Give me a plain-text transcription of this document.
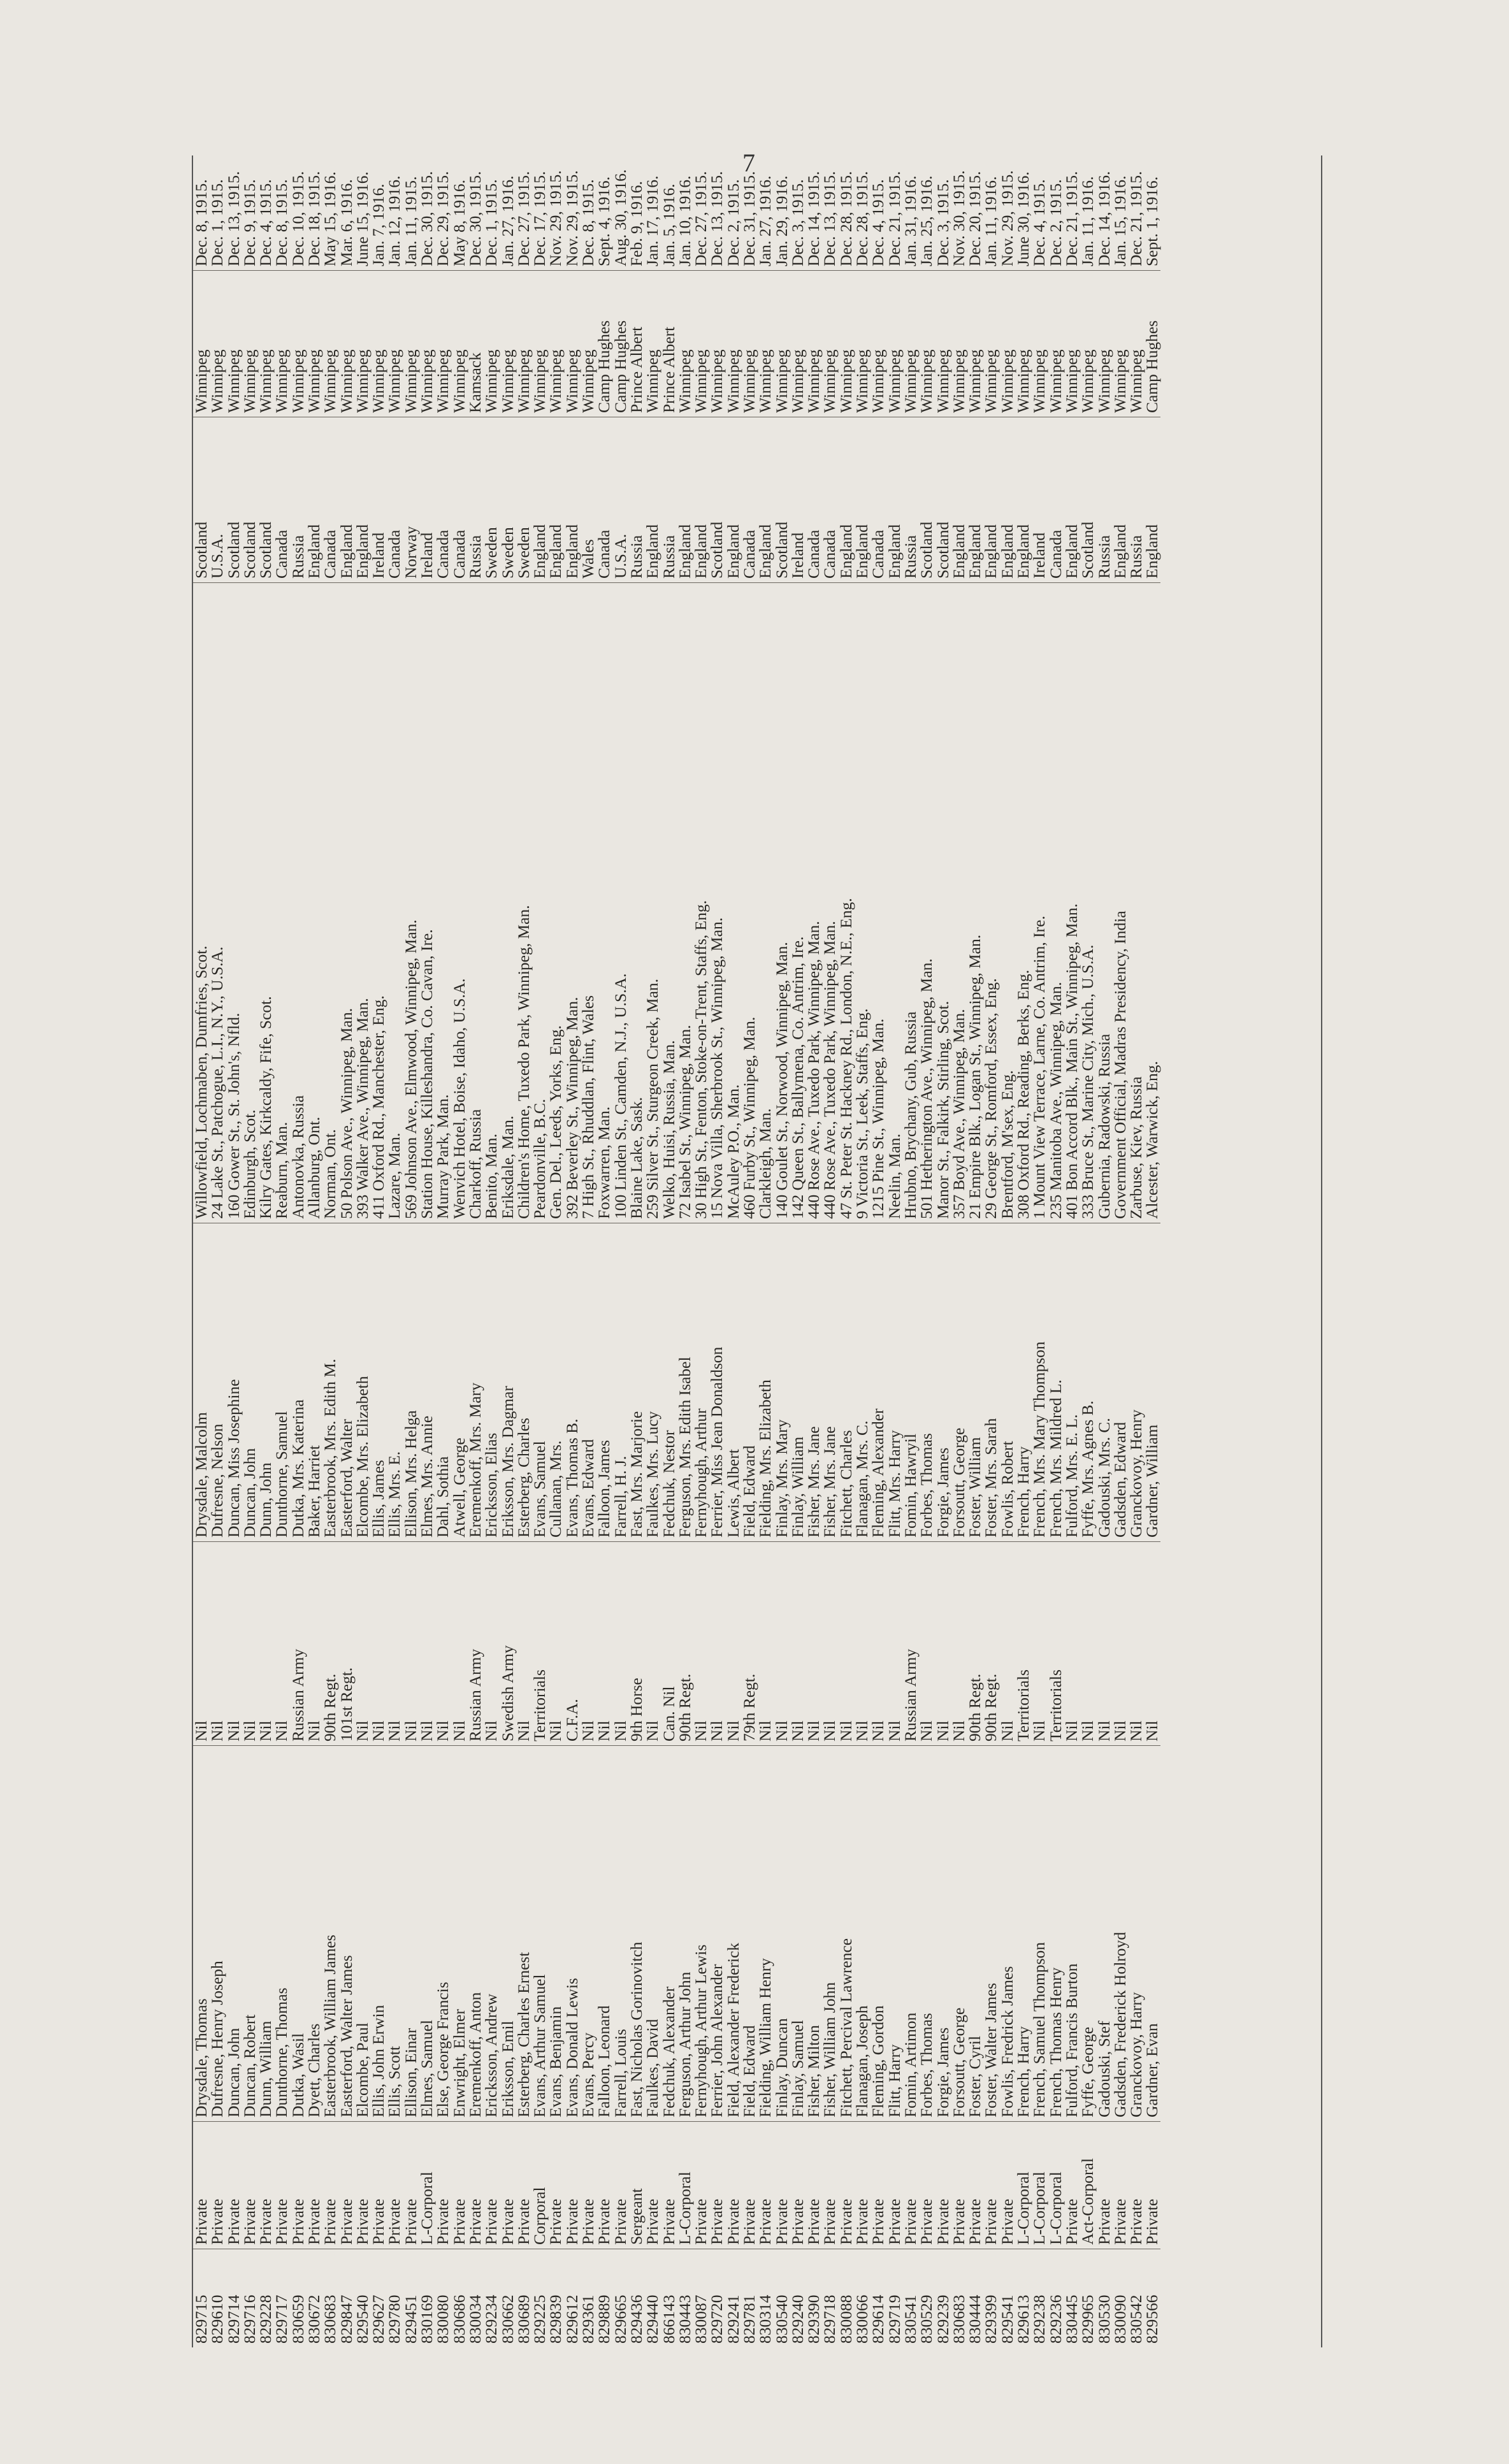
7
829715
Private
Drysdale, Thomas
Nil
Drysdale, Malcolm
Willowfield, Lochmaben, Dumfries, Scot.
Scotland
Winnipeg
Dec. 8, 1915.
829610
Private
Dufresne, Henry Joseph
Nil
Dufresne, Nelson
24 Lake St., Patchogue, L.I., N.Y., U.S.A.
U.S.A.
Winnipeg
Dec. 1, 1915.
829714
Private
Duncan, John
Nil
Duncan, Miss Josephine
160 Gower St., St. John's, Nfld.
Scotland
Winnipeg
Dec. 13, 1915.
829716
Private
Duncan, Robert
Nil
Duncan, John
Edinburgh, Scot.
Scotland
Winnipeg
Dec. 9, 1915.
829228
Private
Dunn, William
Nil
Dunn, John
Kilry Gates, Kirkcaldy, Fife, Scot.
Scotland
Winnipeg
Dec. 4, 1915.
829717
Private
Dunthorne, Thomas
Nil
Dunthorne, Samuel
Reaburn, Man.
Canada
Winnipeg
Dec. 8, 1915.
830659
Private
Dutka, Wasil
Russian Army
Dutka, Mrs. Katerina
Antonovka, Russia
Russia
Winnipeg
Dec. 10, 1915.
830672
Private
Dyett, Charles
Nil
Baker, Harriet
Allanburg, Ont.
England
Winnipeg
Dec. 18, 1915.
830683
Private
Easterbrook, William James
90th Regt.
Easterbrook, Mrs. Edith M.
Norman, Ont.
Canada
Winnipeg
May 15, 1916.
829847
Private
Easterford, Walter James
101st Regt.
Easterford, Walter
50 Polson Ave., Winnipeg, Man.
England
Winnipeg
Mar. 6, 1916.
829540
Private
Elcombe, Paul
Nil
Elcombe, Mrs. Elizabeth
393 Walker Ave., Winnipeg, Man.
England
Winnipeg
June 15, 1916.
829627
Private
Ellis, John Erwin
Nil
Ellis, James
411 Oxford Rd., Manchester, Eng.
Ireland
Winnipeg
Jan. 7, 1916.
829780
Private
Ellis, Scott
Nil
Ellis, Mrs. E.
Lazare, Man.
Canada
Winnipeg
Jan. 12, 1916.
829451
Private
Ellison, Einar
Nil
Ellison, Mrs. Helga
569 Johnson Ave., Elmwood, Winnipeg, Man.
Norway
Winnipeg
Jan. 11, 1915.
830169
L-Corporal
Elmes, Samuel
Nil
Elmes, Mrs. Annie
Station House, Killeshandra, Co. Cavan, Ire.
Ireland
Winnipeg
Dec. 30, 1915.
830080
Private
Else, George Francis
Nil
Dahl, Sothia
Murray Park, Man.
Canada
Winnipeg
Dec. 29, 1915.
830686
Private
Enwright, Elmer
Nil
Atwell, George
Wenvich Hotel, Boise, Idaho, U.S.A.
Canada
Winnipeg
May 8, 1916.
830034
Private
Eremenkoff, Anton
Russian Army
Eremenkoff, Mrs. Mary
Charkoff, Russia
Russia
Kamsack
Dec. 30, 1915.
829234
Private
Ericksson, Andrew
Nil
Ericksson, Elias
Benito, Man.
Sweden
Winnipeg
Dec. 1, 1915.
830662
Private
Eriksson, Emil
Swedish Army
Eriksson, Mrs. Dagmar
Eriksdale, Man.
Sweden
Winnipeg
Jan. 27, 1916.
830689
Private
Esterberg, Charles Ernest
Nil
Esterberg, Charles
Children's Home, Tuxedo Park, Winnipeg, Man.
Sweden
Winnipeg
Dec. 27, 1915.
829225
Corporal
Evans, Arthur Samuel
Territorials
Evans, Samuel
Peardonville, B.C.
England
Winnipeg
Dec. 17, 1915.
829839
Private
Evans, Benjamin
Nil
Cullanan, Mrs.
Gen. Del., Leeds, Yorks, Eng.
England
Winnipeg
Nov. 29, 1915.
829612
Private
Evans, Donald Lewis
C.F.A.
Evans, Thomas B.
392 Beverley St., Winnipeg, Man.
England
Winnipeg
Nov. 29, 1915.
829361
Private
Evans, Percy
Nil
Evans, Edward
7 High St., Rhuddlan, Flint, Wales
Wales
Winnipeg
Dec. 8, 1915.
829889
Private
Falloon, Leonard
Nil
Falloon, James
Foxwarren, Man.
Canada
Camp Hughes
Sept. 4, 1916.
829665
Private
Farrell, Louis
Nil
Farrell, H. J.
100 Linden St., Camden, N.J., U.S.A.
U.S.A.
Camp Hughes
Aug. 30, 1916.
829436
Sergeant
Fast, Nicholas Gorinovitch
9th Horse
Fast, Mrs. Marjorie
Blaine Lake, Sask.
Russia
Prince Albert
Feb. 9, 1916.
829440
Private
Faulkes, David
Nil
Faulkes, Mrs. Lucy
259 Silver St., Sturgeon Creek, Man.
England
Winnipeg
Jan. 17, 1916.
866143
Private
Fedchuk, Alexander
Can. Nil
Fedchuk, Nestor
Welko, Huisi, Russia, Man.
Russia
Prince Albert
Jan. 5, 1916.
830443
L-Corporal
Ferguson, Arthur John
90th Regt.
Ferguson, Mrs. Edith Isabel
72 Isabel St., Winnipeg, Man.
England
Winnipeg
Jan. 10, 1916.
830087
Private
Fernyhough, Arthur Lewis
Nil
Fernyhough, Arthur
30 High St., Fenton, Stoke-on-Trent, Staffs, Eng.
England
Winnipeg
Dec. 27, 1915.
829720
Private
Ferrier, John Alexander
Nil
Ferrier, Miss Jean Donaldson
15 Nova Villa, Sherbrook St., Winnipeg, Man.
Scotland
Winnipeg
Dec. 13, 1915.
829241
Private
Field, Alexander Frederick
Nil
Lewis, Albert
McAuley P.O., Man.
England
Winnipeg
Dec. 2, 1915.
829781
Private
Field, Edward
79th Regt.
Field, Edward
460 Furby St., Winnipeg, Man.
Canada
Winnipeg
Dec. 31, 1915.
830314
Private
Fielding, William Henry
Nil
Fielding, Mrs. Elizabeth
Clarkleigh, Man.
England
Winnipeg
Jan. 27, 1916.
830540
Private
Finlay, Duncan
Nil
Finlay, Mrs. Mary
140 Goulet St., Norwood, Winnipeg, Man.
Scotland
Winnipeg
Jan. 29, 1916.
829240
Private
Finlay, Samuel
Nil
Finlay, William
142 Queen St., Ballymena, Co. Antrim, Ire.
Ireland
Winnipeg
Dec. 3, 1915.
829390
Private
Fisher, Milton
Nil
Fisher, Mrs. Jane
440 Rose Ave., Tuxedo Park, Winnipeg, Man.
Canada
Winnipeg
Dec. 14, 1915.
829718
Private
Fisher, William John
Nil
Fisher, Mrs. Jane
440 Rose Ave., Tuxedo Park, Winnipeg, Man.
Canada
Winnipeg
Dec. 13, 1915.
830088
Private
Fitchett, Percival Lawrence
Nil
Fitchett, Charles
47 St. Peter St. Hackney Rd., London, N.E., Eng.
England
Winnipeg
Dec. 28, 1915.
830066
Private
Flanagan, Joseph
Nil
Flanagan, Mrs. C.
9 Victoria St., Leek, Staffs, Eng.
England
Winnipeg
Dec. 28, 1915.
829614
Private
Fleming, Gordon
Nil
Fleming, Alexander
1215 Pine St., Winnipeg, Man.
Canada
Winnipeg
Dec. 4, 1915.
829719
Private
Flitt, Harry
Nil
Flitt, Mrs. Harry
Neelin, Man.
England
Winnipeg
Dec. 21, 1915.
830541
Private
Fomin, Artimon
Russian Army
Fomin, Hawryil
Hrubno, Brychany, Gub, Russia
Russia
Winnipeg
Jan. 31, 1916.
830529
Private
Forbes, Thomas
Nil
Forbes, Thomas
501 Hetherington Ave., Winnipeg, Man.
Scotland
Winnipeg
Jan. 25, 1916.
829239
Private
Forgie, James
Nil
Forgie, James
Manor St., Falkirk, Stirling, Scot.
Scotland
Winnipeg
Dec. 3, 1915.
830683
Private
Forsoutt, George
Nil
Forsoutt, George
357 Boyd Ave., Winnipeg, Man.
England
Winnipeg
Nov. 30, 1915.
830444
Private
Foster, Cyril
90th Regt.
Foster, William
21 Empire Blk., Logan St., Winnipeg, Man.
England
Winnipeg
Dec. 20, 1915.
829399
Private
Foster, Walter James
90th Regt.
Foster, Mrs. Sarah
29 George St., Romford, Essex, Eng.
England
Winnipeg
Jan. 11, 1916.
829541
Private
Fowlis, Fredrick James
Nil
Fowlis, Robert
Brentford, M'sex, Eng.
England
Winnipeg
Nov. 29, 1915.
829613
L-Corporal
French, Harry
Territorials
French, Harry
308 Oxford Rd., Reading, Berks, Eng.
England
Winnipeg
June 30, 1916.
829238
L-Corporal
French, Samuel Thompson
Nil
French, Mrs. Mary Thompson
1 Mount View Terrace, Larne, Co. Antrim, Ire.
Ireland
Winnipeg
Dec. 4, 1915.
829236
L-Corporal
French, Thomas Henry
Territorials
French, Mrs. Mildred L.
235 Manitoba Ave., Winnipeg, Man.
Canada
Winnipeg
Dec. 2, 1915.
830445
Private
Fulford, Francis Burton
Nil
Fulford, Mrs. E. L.
401 Bon Accord Blk., Main St., Winnipeg, Man.
England
Winnipeg
Dec. 21, 1915.
829965
Act-Corporal
Fyffe, George
Nil
Fyffe, Mrs. Agnes B.
333 Bruce St., Marine City, Mich., U.S.A.
Scotland
Winnipeg
Jan. 11, 1916.
830530
Private
Gadouski, Stef
Nil
Gadouski, Mrs. C.
Gubernia, Radowski, Russia
Russia
Winnipeg
Dec. 14, 1916.
830090
Private
Gadsden, Frederick Holroyd
Nil
Gadsden, Edward
Government Official, Madras Presidency, India
England
Winnipeg
Jan. 15, 1916.
830542
Private
Granckovoy, Harry
Nil
Granckovoy, Henry
Zarbuse, Kiev, Russia
Russia
Winnipeg
Dec. 21, 1915.
829566
Private
Gardner, Evan
Nil
Gardner, William
Alcester, Warwick, Eng.
England
Camp Hughes
Sept. 1, 1916.
